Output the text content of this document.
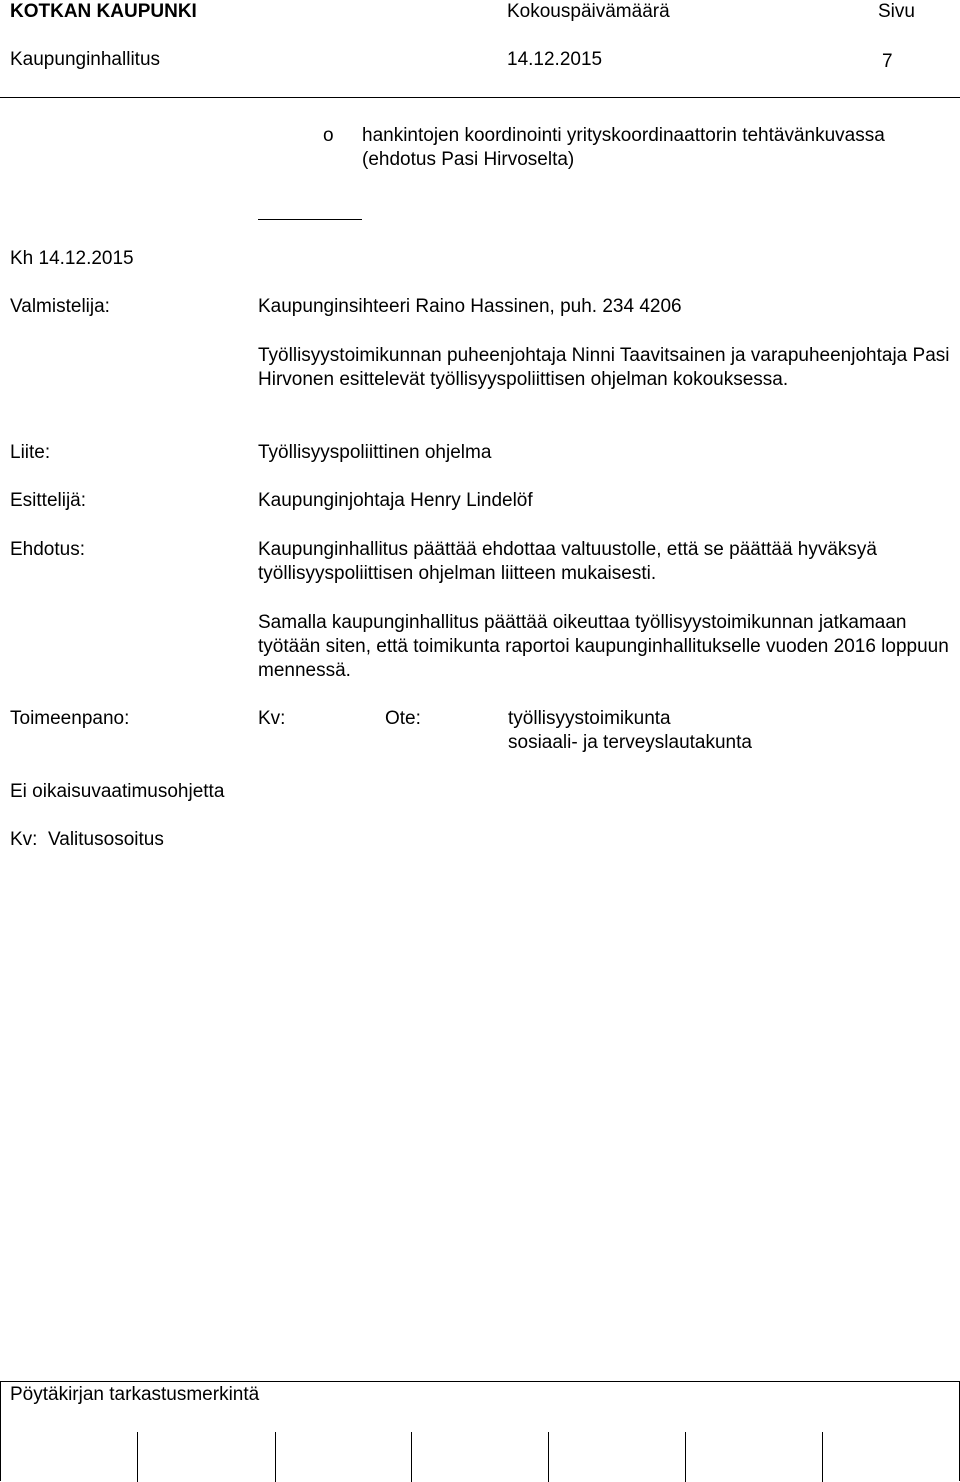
KOTKAN KAUPUNKI	Kokouspäivämäärä	Sivu
Kaupunginhallitus	14.12.2015	7
o hankintojen koordinointi yrityskoordinaattorin tehtävänkuvassa
(ehdotus Pasi Hirvoselta)
Kh 14.12.2015
Valmistelija:	Kaupunginsihteeri Raino Hassinen, puh. 234 4206
Työllisyystoimikunnan puheenjohtaja Ninni Taavitsainen ja varapuheenjohtaja Pasi Hirvonen esittelevät työllisyyspoliittisen ohjelman kokouksessa.
Liite:	Työllisyyspoliittinen ohjelma
Esittelijä:	Kaupunginjohtaja Henry Lindelöf
Ehdotus:	Kaupunginhallitus päättää ehdottaa valtuustolle, että se päättää hyväksyä työllisyyspoliittisen ohjelman liitteen mukaisesti.
Samalla kaupunginhallitus päättää oikeuttaa työllisyystoimikunnan jatkamaan työtään siten, että toimikunta raportoi kaupunginhallitukselle vuoden 2016 loppuun mennessä.
Toimeenpano:	Kv:	Ote:	työllisyystoimikunta
sosiaali- ja terveyslautakunta
Ei oikaisuvaatimusohjetta
Kv:  Valitusosoitus
Pöytäkirjan tarkastusmerkintä
